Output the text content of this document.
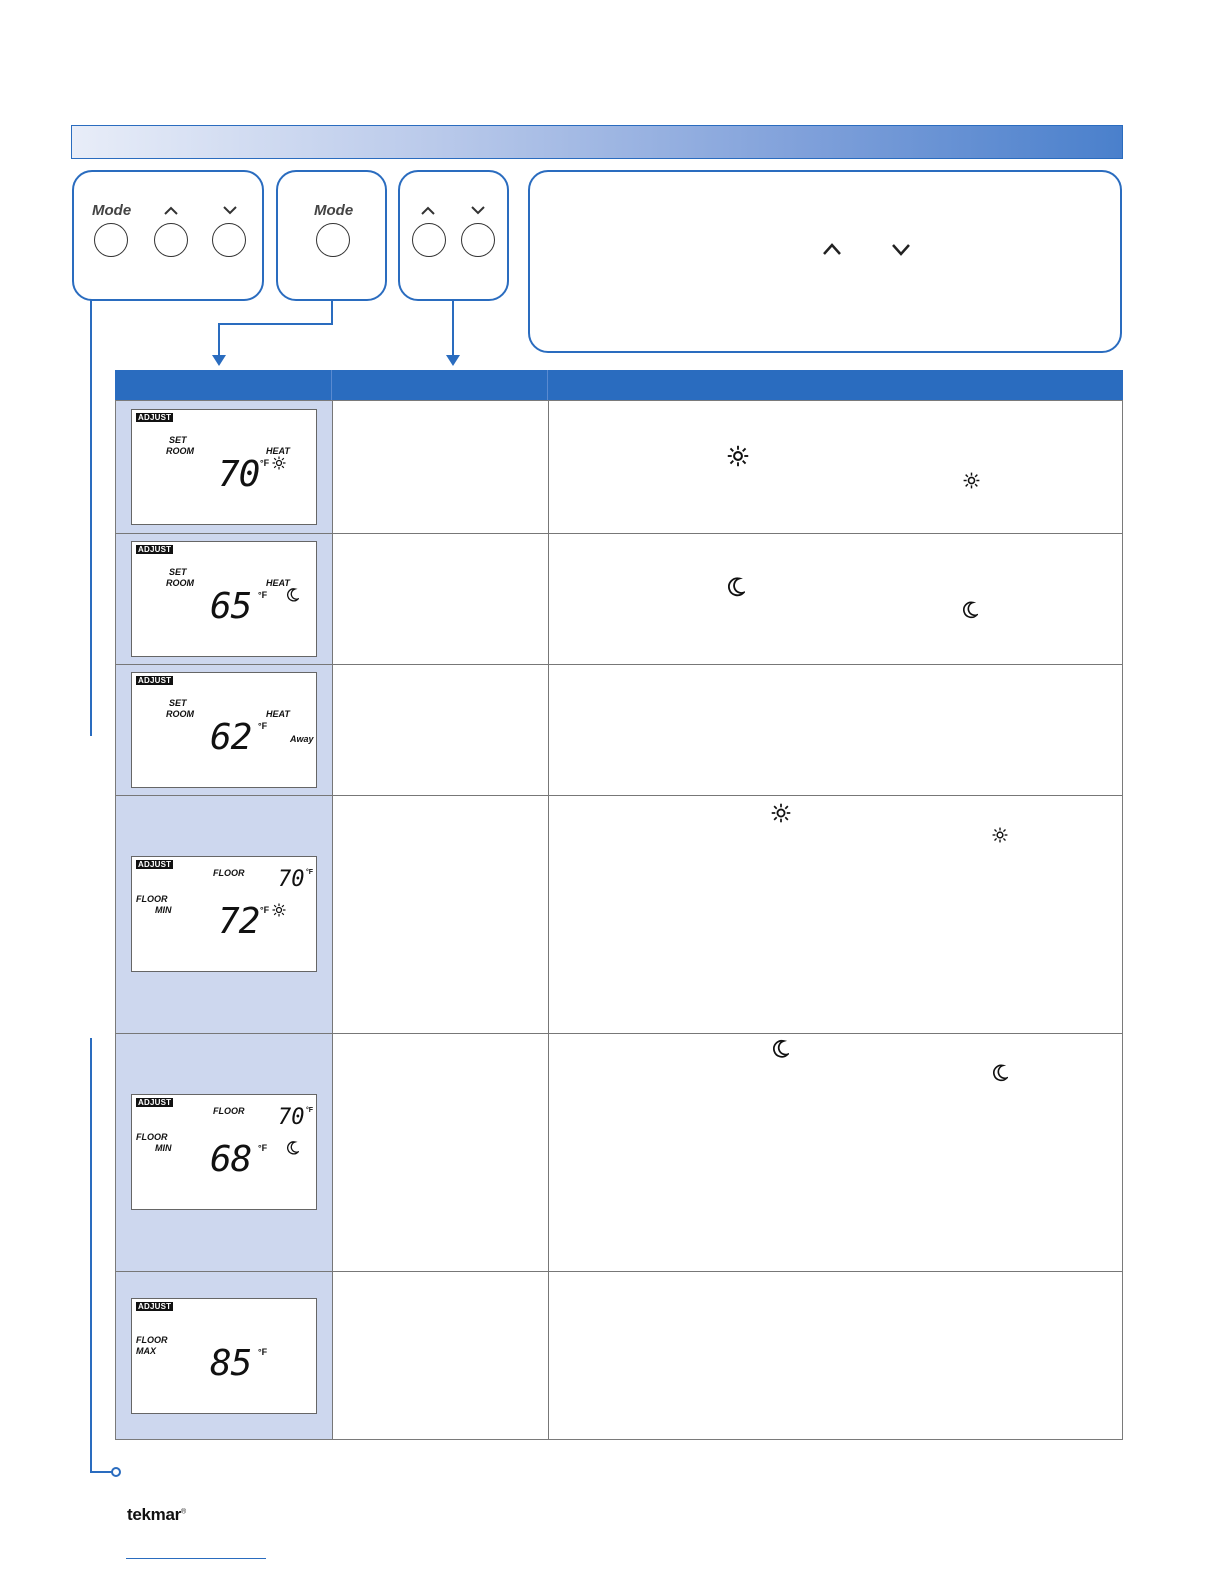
Mode	Mode
ADJUST
SET
ROOM	HEAT
70 °F
ADJUST
SET
ROOM	HEAT
65 °F
ADJUST
SET
ROOM	HEAT
62 °F
Away
ADJUST
FLOOR 70 °F
FLOOR
MIN 72 °F
ADJUST
FLOOR 70 °F
FLOOR
MIN 68 °F
ADJUST
FLOOR
MAX 85 °F
tekmar®
